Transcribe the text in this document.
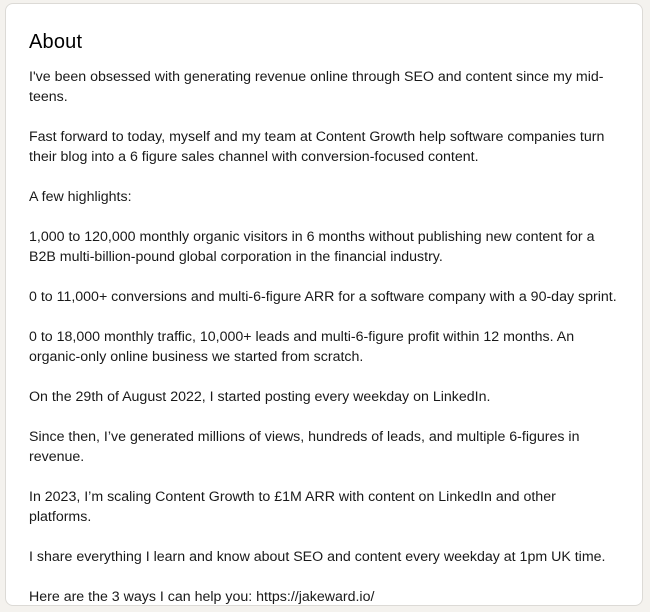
About

I've been obsessed with generating revenue online through SEO and content since my mid-
teens.

Fast forward to today, myself and my team at Content Growth help software companies turn
their blog into a 6 figure sales channel with conversion-focused content.

A few highlights:

1,000 to 120,000 monthly organic visitors in 6 months without publishing new content for a
B2B multi-billion-pound global corporation in the financial industry.

0 to 11,000+ conversions and multi-6-figure ARR for a software company with a 90-day sprint.

0 to 18,000 monthly traffic, 10,000+ leads and multi-6-figure profit within 12 months. An
organic-only online business we started from scratch.

On the 29th of August 2022, I started posting every weekday on LinkedIn.

Since then, I’ve generated millions of views, hundreds of leads, and multiple 6-figures in
revenue.

In 2023, I’m scaling Content Growth to £1M ARR with content on LinkedIn and other platforms.

I share everything I learn and know about SEO and content every weekday at 1pm UK time.

Here are the 3 ways I can help you: https://jakeward.io/
